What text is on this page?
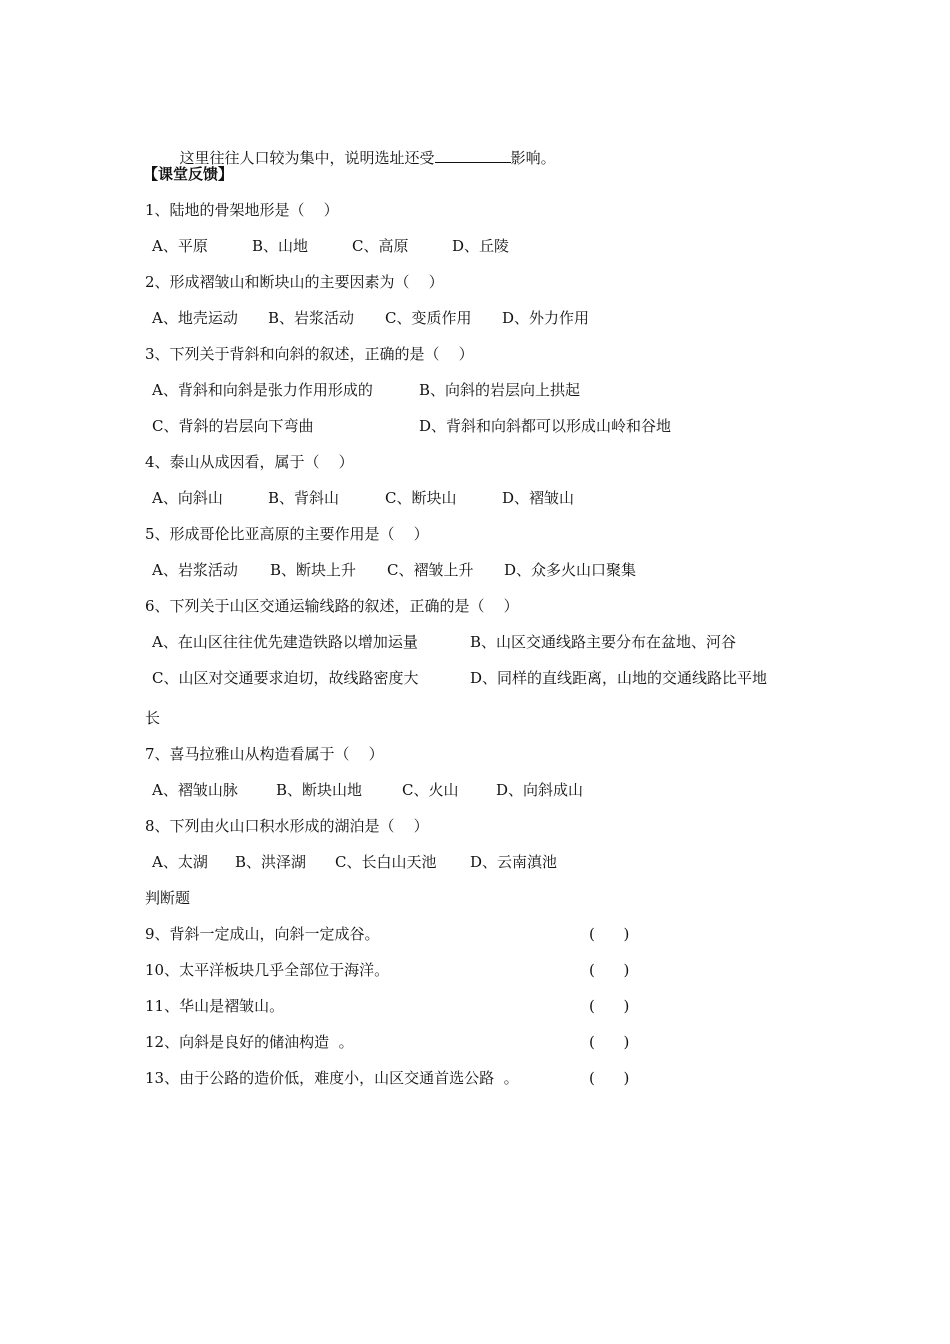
这里往往人口较为集中，说明选址还受	影响。

【课堂反馈】
1、陆地的骨架地形是（    ）
A、平原	B、山地	C、高原	D、丘陵
2、形成褶皱山和断块山的主要因素为（    ）
A、地壳运动 B、岩浆活动 C、变质作用 D、外力作用
3、下列关于背斜和向斜的叙述，正确的是（    ）
A、背斜和向斜是张力作用形成的	B、向斜的岩层向上拱起
C、背斜的岩层向下弯曲	D、背斜和向斜都可以形成山岭和谷地
4、泰山从成因看，属于（    ）
A、向斜山	B、背斜山	C、断块山	D、褶皱山
5、形成哥伦比亚高原的主要作用是（    ）
A、岩浆活动 B、断块上升 C、褶皱上升 D、众多火山口聚集
6、下列关于山区交通运输线路的叙述，正确的是（    ）
A、在山区往往优先建造铁路以增加运量	B、山区交通线路主要分布在盆地、河谷
C、山区对交通要求迫切，故线路密度大	D、同样的直线距离，山地的交通线路比平地
长
7、喜马拉雅山从构造看属于（    ）
A、褶皱山脉	B、断块山地	C、火山	D、向斜成山
8、下列由火山口积水形成的湖泊是（    ）
A、太湖 B、洪泽湖 C、长白山天池 D、云南滇池
判断题
9、背斜一定成山，向斜一定成谷。	(      )
10、太平洋板块几乎全部位于海洋。	(      )
11、华山是褶皱山。	(      )
12、向斜是良好的储油构造  。	(      )
13、由于公路的造价低，难度小，山区交通首选公路  。	(      )
